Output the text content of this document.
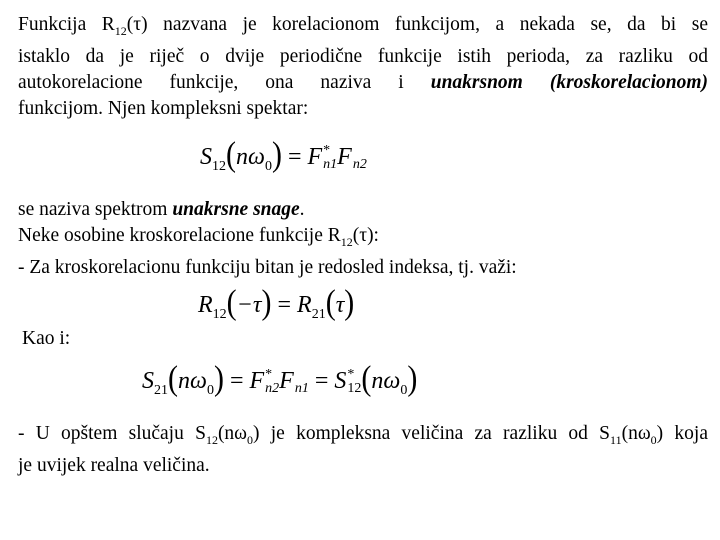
Funkcija $R_{12}(\tau)$ nazvana je korelacionom funkcijom, a nekada se, da bi se
istaklo da je riječ o dvije periodične funkcije istih perioda, za razliku od
autokorelacione funkcije, ona naziva i unakrsnom (kroskorelacionom)
funkcijom. Njen kompleksni spektar:
$S_{12}(n\omega_0) = F$ *
n1 F
n2
se naziva spektrom unakrsne snage.
Neke osobine kroskorelacione funkcije $R_{12}(\tau)$:
- Za kroskorelacionu funkciju bitan je redosled indeksa, tj. važi:
$R_{12}(-\tau) = R_{21}(\tau)$
Kao i:
$S_{21}(n\omega_0) = F$ *
n2 F
n1 = S *
12 $(n\omega_0)$
- U opštem slučaju $S_{12}(n\omega_0)$ je kompleksna veličina za razliku od $S_{11}(n\omega_0)$ koja
je uvijek realna veličina.
